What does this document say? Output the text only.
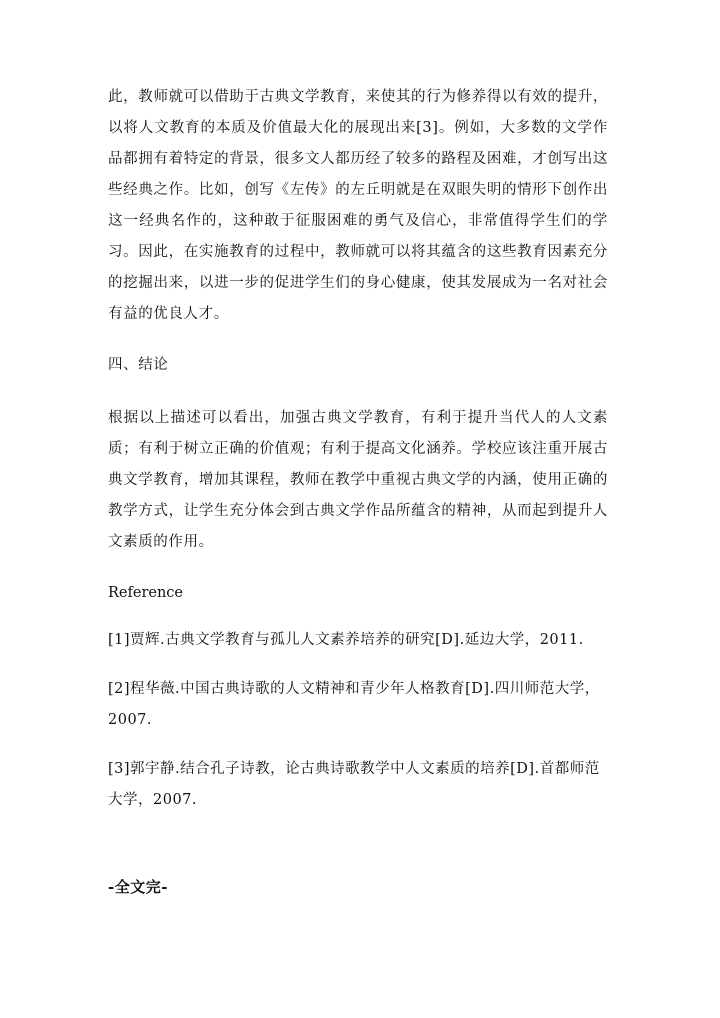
此，教师就可以借助于古典文学教育，来使其的行为修养得以有效的提升，以将人文教育的本质及价值最大化的展现出来[3]。例如，大多数的文学作品都拥有着特定的背景，很多文人都历经了较多的路程及困难，才创写出这些经典之作。比如，创写《左传》的左丘明就是在双眼失明的情形下创作出这一经典名作的，这种敢于征服困难的勇气及信心，非常值得学生们的学习。因此，在实施教育的过程中，教师就可以将其蕴含的这些教育因素充分的挖掘出来，以进一步的促进学生们的身心健康，使其发展成为一名对社会有益的优良人才。

四、结论

根据以上描述可以看出，加强古典文学教育，有利于提升当代人的人文素质；有利于树立正确的价值观；有利于提高文化涵养。学校应该注重开展古典文学教育，增加其课程，教师在教学中重视古典文学的内涵，使用正确的教学方式，让学生充分体会到古典文学作品所蕴含的精神，从而起到提升人文素质的作用。

Reference

[1]贾辉.古典文学教育与孤儿人文素养培养的研究[D].延边大学，2011.

[2]程华薇.中国古典诗歌的人文精神和青少年人格教育[D].四川师范大学，2007.

[3]郭宇静.结合孔子诗教，论古典诗歌教学中人文素质的培养[D].首都师范大学，2007.

-全文完-
